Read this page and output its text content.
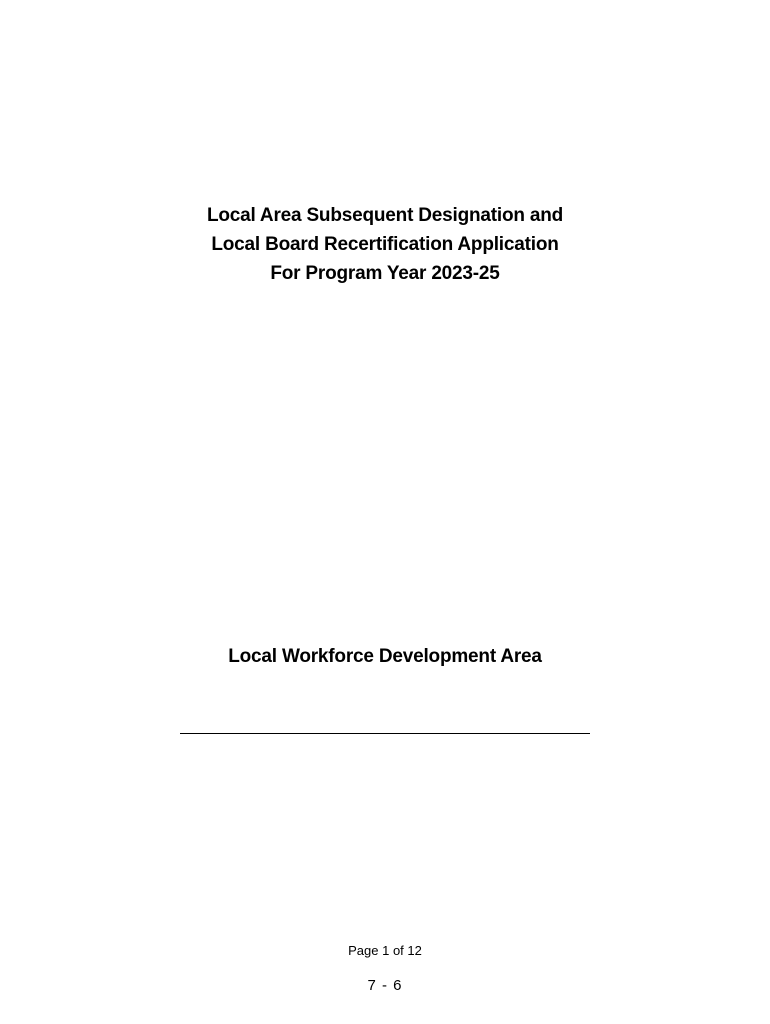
Local Area Subsequent Designation and
Local Board Recertification Application
For Program Year 2023-25
Local Workforce Development Area
Page 1 of 12
7 - 6
